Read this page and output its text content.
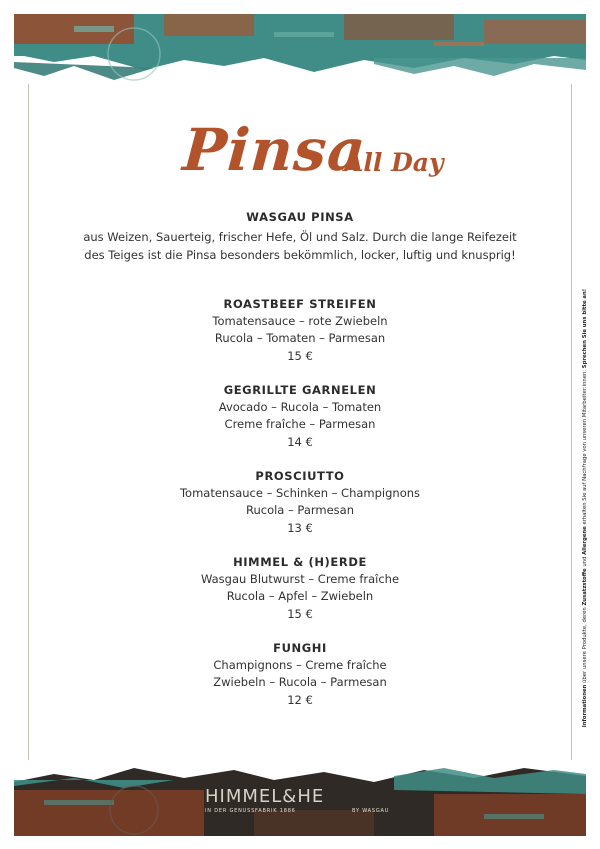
Pinsa
All Day
WASGAU PINSA
aus Weizen, Sauerteig, frischer Hefe, Öl und Salz. Durch die lange Reifezeit
des Teiges ist die Pinsa besonders bekömmlich, locker, luftig und knusprig!
ROASTBEEF STREIFEN
Tomatensauce – rote Zwiebeln
Rucola – Tomaten – Parmesan
15 €
GEGRILLTE GARNELEN
Avocado – Rucola – Tomaten
Creme fraîche – Parmesan
14 €
PROSCIUTTO
Tomatensauce – Schinken – Champignons
Rucola – Parmesan
13 €
HIMMEL & (H)ERDE
Wasgau Blutwurst – Creme fraîche
Rucola – Apfel – Zwiebeln
15 €
FUNGHI
Champignons – Creme fraîche
Zwiebeln – Rucola – Parmesan
12 €	Informationen über unsere Produkte, deren Zusatzstoffe und Allergene erhalten Sie auf Nachfrage von unseren Mitarbeiter:innen. Sprechen Sie uns bitte an!
HIMMEL&HE
IN DER GENUSSFABRIK 1886	BY WASGAU
